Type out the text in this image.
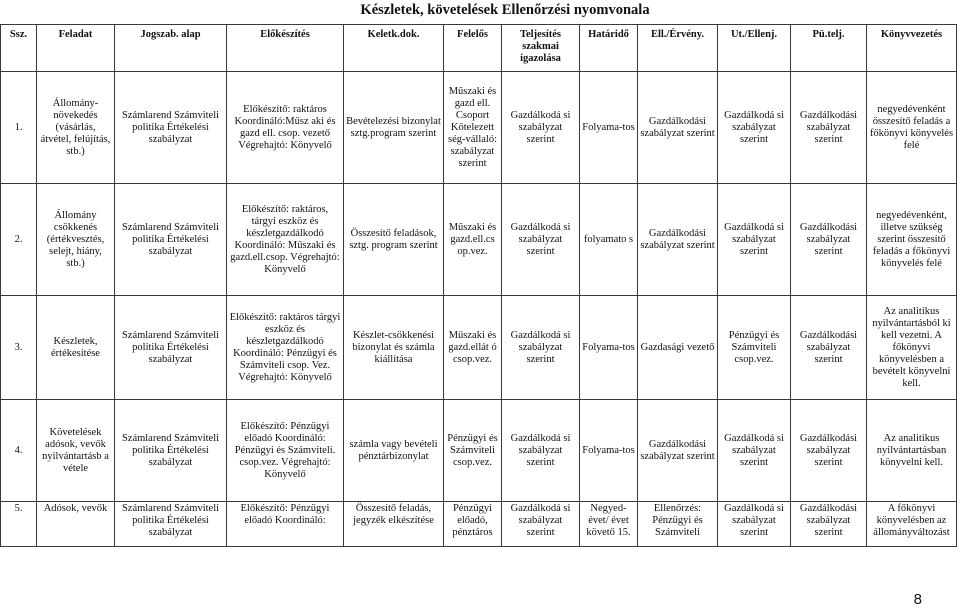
Készletek, követelések Ellenőrzési nyomvonala
Ssz.	Feladat	Jogszab. alap	Előkészítés	Keletk.dok.	Felelős	Teljesítés szakmai igazolása	Határidő	Ell./Érvény.	Ut./Ellenj.	Pü.telj.	Könyvvezetés
1.	Állomány-növekedés (vásárlás, átvétel, felújítás, stb.)	Számlarend Számviteli politika Értékelési szabályzat	Előkészítő: raktáros Koordináló:Műsz aki és gazd ell. csop. vezető Végrehajtó: Könyvelő	Bevételezési bizonylat sztg.program szerint	Műszaki és gazd ell. Csoport Kötelezett ség-vállaló: szabályzat szerint	Gazdálkodá si szabályzat szerint	Folyama-tos	Gazdálkodási szabályzat szerint	Gazdálkodá si szabályzat szerint	Gazdálkodási szabályzat szerint	negyedévenként összesítő feladás a főkönyvi könyvelés felé
2.	Állomány csökkenés (értékvesztés, selejt, hiány, stb.)	Számlarend Számviteli politika Értékelési szabályzat	Előkészítő: raktáros, tárgyi eszköz és készletgazdálkodó Koordináló: Műszaki és gazd.ell.csop. Végrehajtó: Könyvelő	Összesítő feladások, sztg. program szerint	Műszaki és gazd.ell.cs op.vez.	Gazdálkodá si szabályzat szerint	folyamato s	Gazdálkodási szabályzat szerint	Gazdálkodá si szabályzat szerint	Gazdálkodási szabályzat szerint	negyedévenként, illetve szükség szerint összesítő feladás a főkönyvi könyvelés felé
3.	Készletek, értékesítése	Számlarend Számviteli politika Értékelési szabályzat	Előkészítő: raktáros tárgyi eszköz és készletgazdálkodó Koordináló: Pénzügyi és Számviteli csop. Vez. Végrehajtó: Könyvelő	Készlet-csökkenési bizonylat és számla kiállítása	Műszaki és gazd.ellát ó csop.vez.	Gazdálkodá si szabályzat szerint	Folyama-tos	Gazdasági vezető	Pénzügyi és Számviteli csop.vez.	Gazdálkodási szabályzat szerint	Az analitikus nyilvántartásból ki kell vezetni. A főkönyvi könyvelésben a bevételt könyvelni kell.
4.	Követelések adósok, vevők nyilvántartásb a vétele	Számlarend Számviteli politika Értékelési szabályzat	Előkészítő: Pénzügyi előadó Koordináló: Pénzügyi és Számviteli. csop.vez. Végrehajtó: Könyvelő	számla vagy bevételi pénztárbizonylat	Pénzügyi és Számviteli csop.vez.	Gazdálkodá si szabályzat szerint	Folyama-tos	Gazdálkodási szabályzat szerint	Gazdálkodá si szabályzat szerint	Gazdálkodási szabályzat szerint	Az analitikus nyilvántartásban könyvelni kell.
5.	Adósok, vevők	Számlarend Számviteli politika Értékelési szabályzat	Előkészítő: Pénzügyi előadó Koordináló:	Összesítő feladás, jegyzék elkészítése	Pénzügyi előadó, pénztáros	Gazdálkodá si szabályzat szerint	Negyed-évet/ évet követő 15.	Ellenőrzés: Pénzügyi és Számviteli	Gazdálkodá si szabályzat szerint	Gazdálkodási szabályzat szerint	A főkönyvi könyvelésben az állományváltozást
8
